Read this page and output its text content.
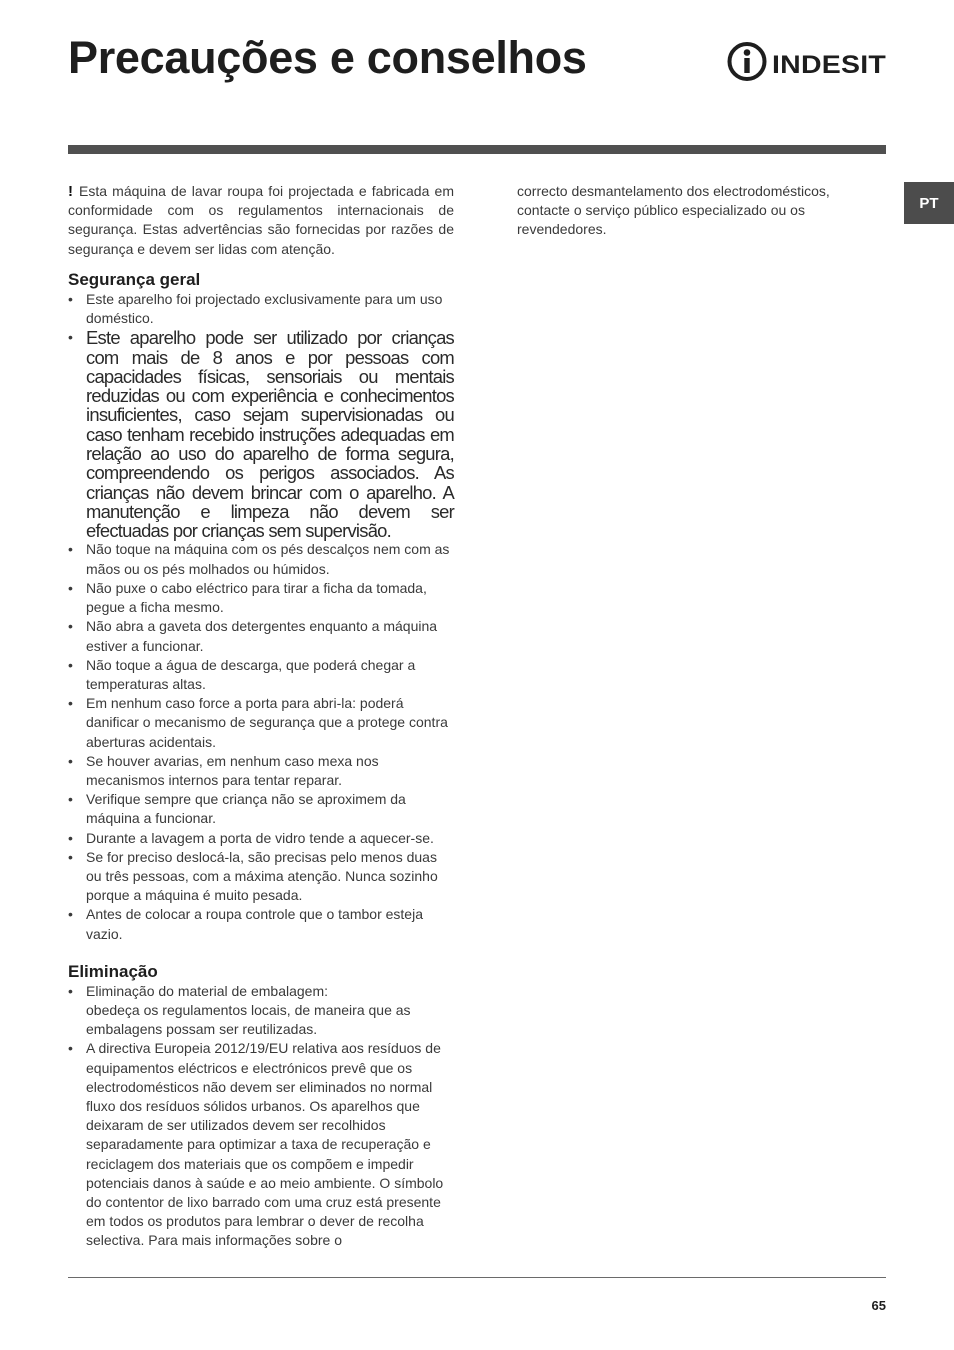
Precauções e conselhos	INDESIT
PT

! Esta máquina de lavar roupa foi projectada e fabricada em conformidade com os regulamentos internacionais de segurança. Estas advertências são fornecidas por razões de segurança e devem ser lidas com atenção.

Segurança geral
• Este aparelho foi projectado exclusivamente para um uso doméstico.
• Este aparelho pode ser utilizado por crianças com mais de 8 anos e por pessoas com capacidades físicas, sensoriais ou mentais reduzidas ou com experiência e conhecimentos insuficientes, caso sejam supervisionadas ou caso tenham recebido instruções adequadas em relação ao uso do aparelho de forma segura, compreendendo os perigos associados. As crianças não devem brincar com o aparelho. A manutenção e limpeza não devem ser efectuadas por crianças sem supervisão.
• Não toque na máquina com os pés descalços nem com as mãos ou os pés molhados ou húmidos.
• Não puxe o cabo eléctrico para tirar a ficha da tomada, pegue a ficha mesmo.
• Não abra a gaveta dos detergentes enquanto a máquina estiver a funcionar.
• Não toque a água de descarga, que poderá chegar a temperaturas altas.
• Em nenhum caso force a porta para abri-la: poderá danificar o mecanismo de segurança que a protege contra aberturas acidentais.
• Se houver avarias, em nenhum caso mexa nos mecanismos internos para tentar reparar.
• Verifique sempre que criança não se aproximem da máquina a funcionar.
• Durante a lavagem a porta de vidro tende a aquecer-se.
• Se for preciso deslocá-la, são precisas pelo menos duas ou três pessoas, com a máxima atenção. Nunca sozinho porque a máquina é muito pesada.
• Antes de colocar a roupa controle que o tambor esteja vazio.
Eliminação
• Eliminação do material de embalagem:
obedeça os regulamentos locais, de maneira que as embalagens possam ser reutilizadas.
• A directiva Europeia 2012/19/EU relativa aos resíduos de equipamentos eléctricos e electrónicos prevê que os electrodomésticos não devem ser eliminados no normal fluxo dos resíduos sólidos urbanos. Os aparelhos que deixaram de ser utilizados devem ser recolhidos separadamente para optimizar a taxa de recuperação e reciclagem dos materiais que os compõem e impedir potenciais danos à saúde e ao meio ambiente. O símbolo do contentor de lixo barrado com uma cruz está presente em todos os produtos para lembrar o dever de recolha selectiva. Para mais informações sobre o

correcto desmantelamento dos electrodomésticos, contacte o serviço público especializado ou os revendedores.

65
